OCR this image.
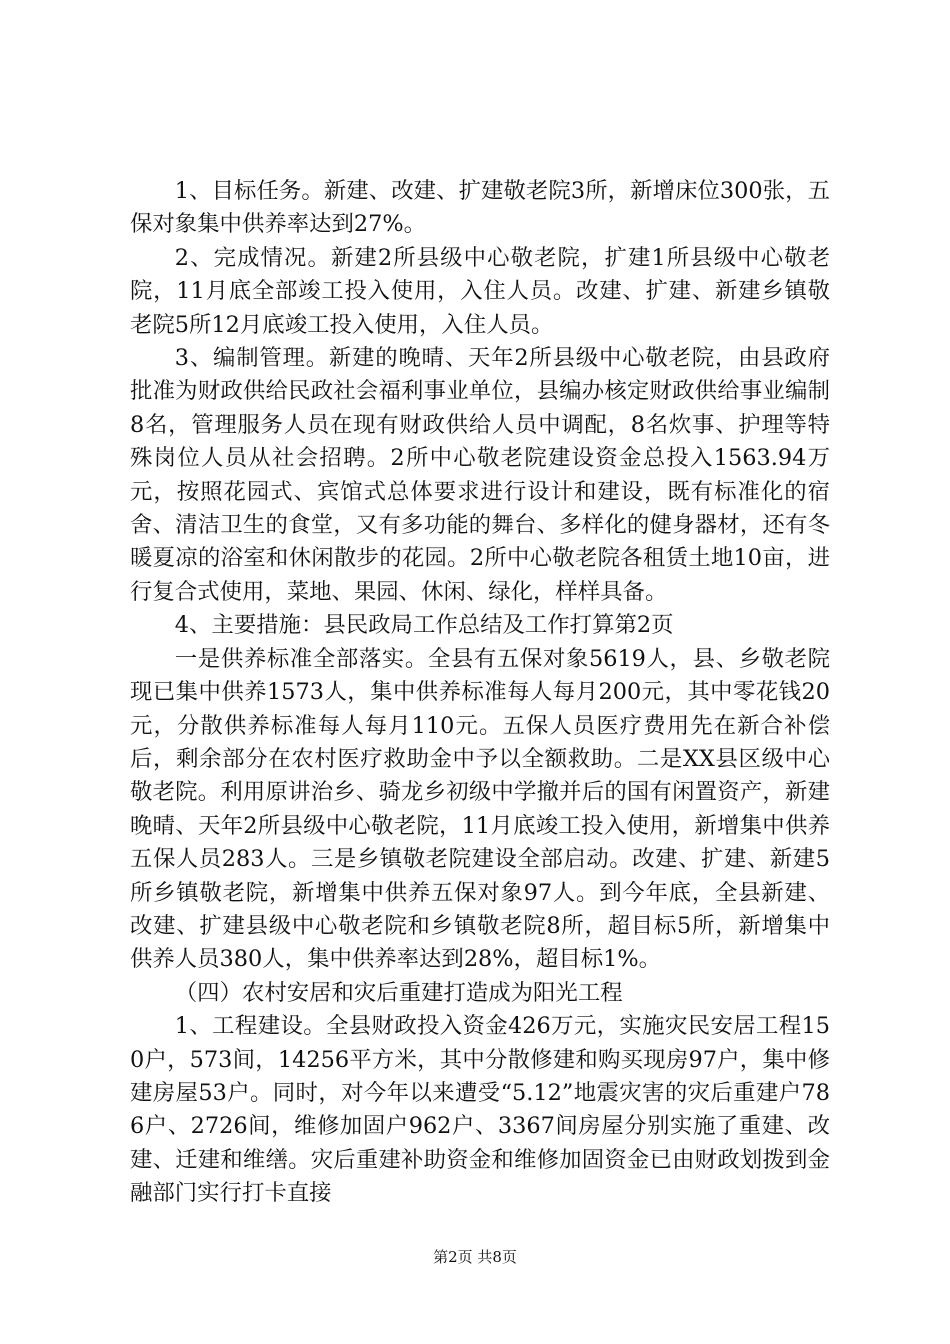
1、目标任务。新建、改建、扩建敬老院3所，新增床位300张，五保对象集中供养率达到27%。

2、完成情况。新建2所县级中心敬老院，扩建1所县级中心敬老院，11月底全部竣工投入使用，入住人员。改建、扩建、新建乡镇敬老院5所12月底竣工投入使用，入住人员。

3、编制管理。新建的晚晴、天年2所县级中心敬老院，由县政府批准为财政供给民政社会福利事业单位，县编办核定财政供给事业编制8名，管理服务人员在现有财政供给人员中调配，8名炊事、护理等特殊岗位人员从社会招聘。2所中心敬老院建设资金总投入1563.94万元，按照花园式、宾馆式总体要求进行设计和建设，既有标准化的宿舍、清洁卫生的食堂，又有多功能的舞台、多样化的健身器材，还有冬暖夏凉的浴室和休闲散步的花园。2所中心敬老院各租赁土地10亩，进行复合式使用，菜地、果园、休闲、绿化，样样具备。

4、主要措施：县民政局工作总结及工作打算第2页

一是供养标准全部落实。全县有五保对象5619人，县、乡敬老院现已集中供养1573人，集中供养标准每人每月200元，其中零花钱20元，分散供养标准每人每月110元。五保人员医疗费用先在新合补偿后，剩余部分在农村医疗救助金中予以全额救助。二是XX县区级中心敬老院。利用原讲治乡、骑龙乡初级中学撤并后的国有闲置资产，新建晚晴、天年2所县级中心敬老院，11月底竣工投入使用，新增集中供养五保人员283人。三是乡镇敬老院建设全部启动。改建、扩建、新建5所乡镇敬老院，新增集中供养五保对象97人。到今年底，全县新建、改建、扩建县级中心敬老院和乡镇敬老院8所，超目标5所，新增集中供养人员380人，集中供养率达到28%，超目标1%。

（四）农村安居和灾后重建打造成为阳光工程

1、工程建设。全县财政投入资金426万元，实施灾民安居工程150户，573间，14256平方米，其中分散修建和购买现房97户，集中修建房屋53户。同时，对今年以来遭受“5.12”地震灾害的灾后重建户786户、2726间，维修加固户962户、3367间房屋分别实施了重建、改建、迁建和维缮。灾后重建补助资金和维修加固资金已由财政划拨到金融部门实行打卡直接

第2页 共8页
